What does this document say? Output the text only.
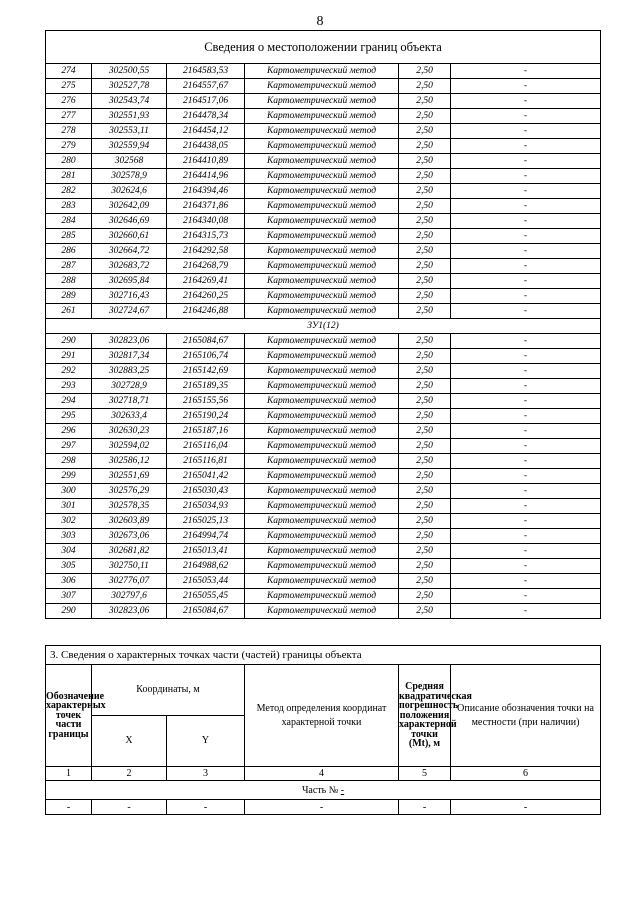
8
Сведения о местоположении границ объекта					
274	302500,55	2164583,53	Картометрический метод	2,50	-
275	302527,78	2164557,67	Картометрический метод	2,50	-
276	302543,74	2164517,06	Картометрический метод	2,50	-
277	302551,93	2164478,34	Картометрический метод	2,50	-
278	302553,11	2164454,12	Картометрический метод	2,50	-
279	302559,94	2164438,05	Картометрический метод	2,50	-
280	302568	2164410,89	Картометрический метод	2,50	-
281	302578,9	2164414,96	Картометрический метод	2,50	-
282	302624,6	2164394,46	Картометрический метод	2,50	-
283	302642,09	2164371,86	Картометрический метод	2,50	-
284	302646,69	2164340,08	Картометрический метод	2,50	-
285	302660,61	2164315,73	Картометрический метод	2,50	-
286	302664,72	2164292,58	Картометрический метод	2,50	-
287	302683,72	2164268,79	Картометрический метод	2,50	-
288	302695,84	2164269,41	Картометрический метод	2,50	-
289	302716,43	2164260,25	Картометрический метод	2,50	-
261	302724,67	2164246,88	Картометрический метод	2,50	-
ЗУ1(12)					
290	302823,06	2165084,67	Картометрический метод	2,50	-
291	302817,34	2165106,74	Картометрический метод	2,50	-
292	302883,25	2165142,69	Картометрический метод	2,50	-
293	302728,9	2165189,35	Картометрический метод	2,50	-
294	302718,71	2165155,56	Картометрический метод	2,50	-
295	302633,4	2165190,24	Картометрический метод	2,50	-
296	302630,23	2165187,16	Картометрический метод	2,50	-
297	302594,02	2165116,04	Картометрический метод	2,50	-
298	302586,12	2165116,81	Картометрический метод	2,50	-
299	302551,69	2165041,42	Картометрический метод	2,50	-
300	302576,29	2165030,43	Картометрический метод	2,50	-
301	302578,35	2165034,93	Картометрический метод	2,50	-
302	302603,89	2165025,13	Картометрический метод	2,50	-
303	302673,06	2164994,74	Картометрический метод	2,50	-
304	302681,82	2165013,41	Картометрический метод	2,50	-
305	302750,11	2164988,62	Картометрический метод	2,50	-
306	302776,07	2165053,44	Картометрический метод	2,50	-
307	302797,6	2165055,45	Картометрический метод	2,50	-
290	302823,06	2165084,67	Картометрический метод	2,50	-
3. Сведения о характерных точках части (частей) границы объекта					
Обозначение характерных точек части границы	Координаты, м		Метод определения координат характерной точки	Средняя квадратическая погрешность положения характерной точки (Mt), м	Описание обозначения точки на местности (при наличии)
	X	Y			
1	2	3	4	5	6
Часть № -					
-	-	-	-	-	-
